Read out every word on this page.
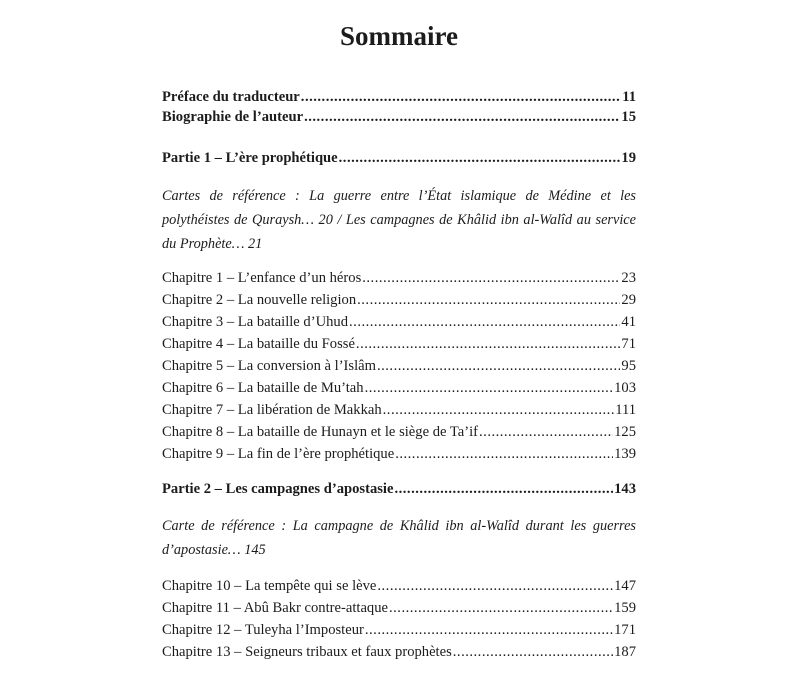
Sommaire
Préface du traducteur .....	11
Biographie de l’auteur .....	15
Partie 1 – L’ère prophétique .....	19
Cartes de référence : La guerre entre l’État islamique de Médine et les polythéistes de Quraysh… 20 / Les campagnes de Khâlid ibn al-Walîd au service du Prophète… 21
Chapitre 1 – L’enfance d’un héros .....	23
Chapitre 2 – La nouvelle religion .....	29
Chapitre 3 – La bataille d’Uhud .....	41
Chapitre 4 – La bataille du Fossé .....	71
Chapitre 5 – La conversion à l’Islâm .....	95
Chapitre 6 – La bataille de Mu’tah .....	103
Chapitre 7 – La libération de Makkah .....	111
Chapitre 8 – La bataille de Hunayn et le siège de Ta’if .....	125
Chapitre 9 – La fin de l’ère prophétique .....	139
Partie 2 – Les campagnes d’apostasie .....	143
Carte de référence : La campagne de Khâlid ibn al-Walîd durant les guerres d’apostasie… 145
Chapitre 10 – La tempête qui se lève .....	147
Chapitre 11 – Abû Bakr contre-attaque .....	159
Chapitre 12 – Tuleyha l’Imposteur .....	171
Chapitre 13 – Seigneurs tribaux et faux prophètes .....	187
